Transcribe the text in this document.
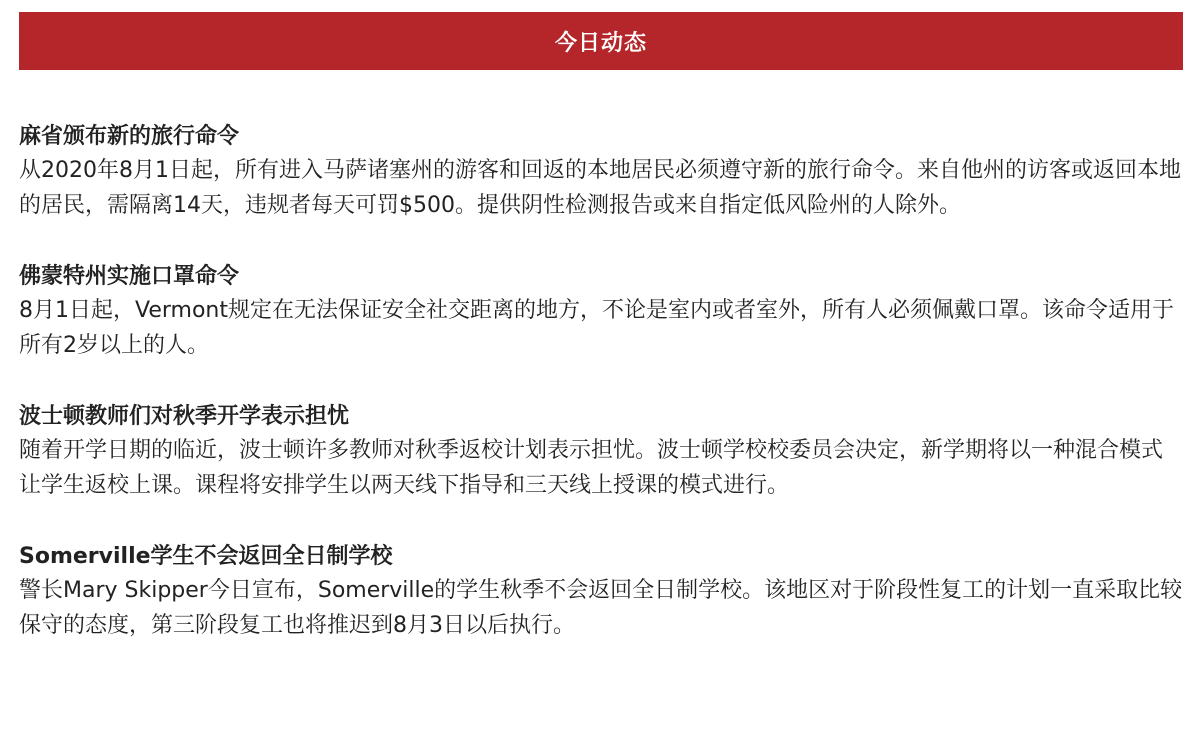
今日动态
麻省颁布新的旅行命令
从2020年8月1日起，所有进入马萨诸塞州的游客和回返的本地居民必须遵守新的旅行命令。来自他州的访客或返回本地的居民，需隔离14天，违规者每天可罚$500。提供阴性检测报告或来自指定低风险州的人除外。
佛蒙特州实施口罩命令
8月1日起，Vermont规定在无法保证安全社交距离的地方，不论是室内或者室外，所有人必须佩戴口罩。该命令适用于所有2岁以上的人。
波士顿教师们对秋季开学表示担忧
随着开学日期的临近，波士顿许多教师对秋季返校计划表示担忧。波士顿学校校委员会决定，新学期将以一种混合模式让学生返校上课。课程将安排学生以两天线下指导和三天线上授课的模式进行。
Somerville学生不会返回全日制学校
警长Mary Skipper今日宣布，Somerville的学生秋季不会返回全日制学校。该地区对于阶段性复工的计划一直采取比较保守的态度，第三阶段复工也将推迟到8月3日以后执行。
